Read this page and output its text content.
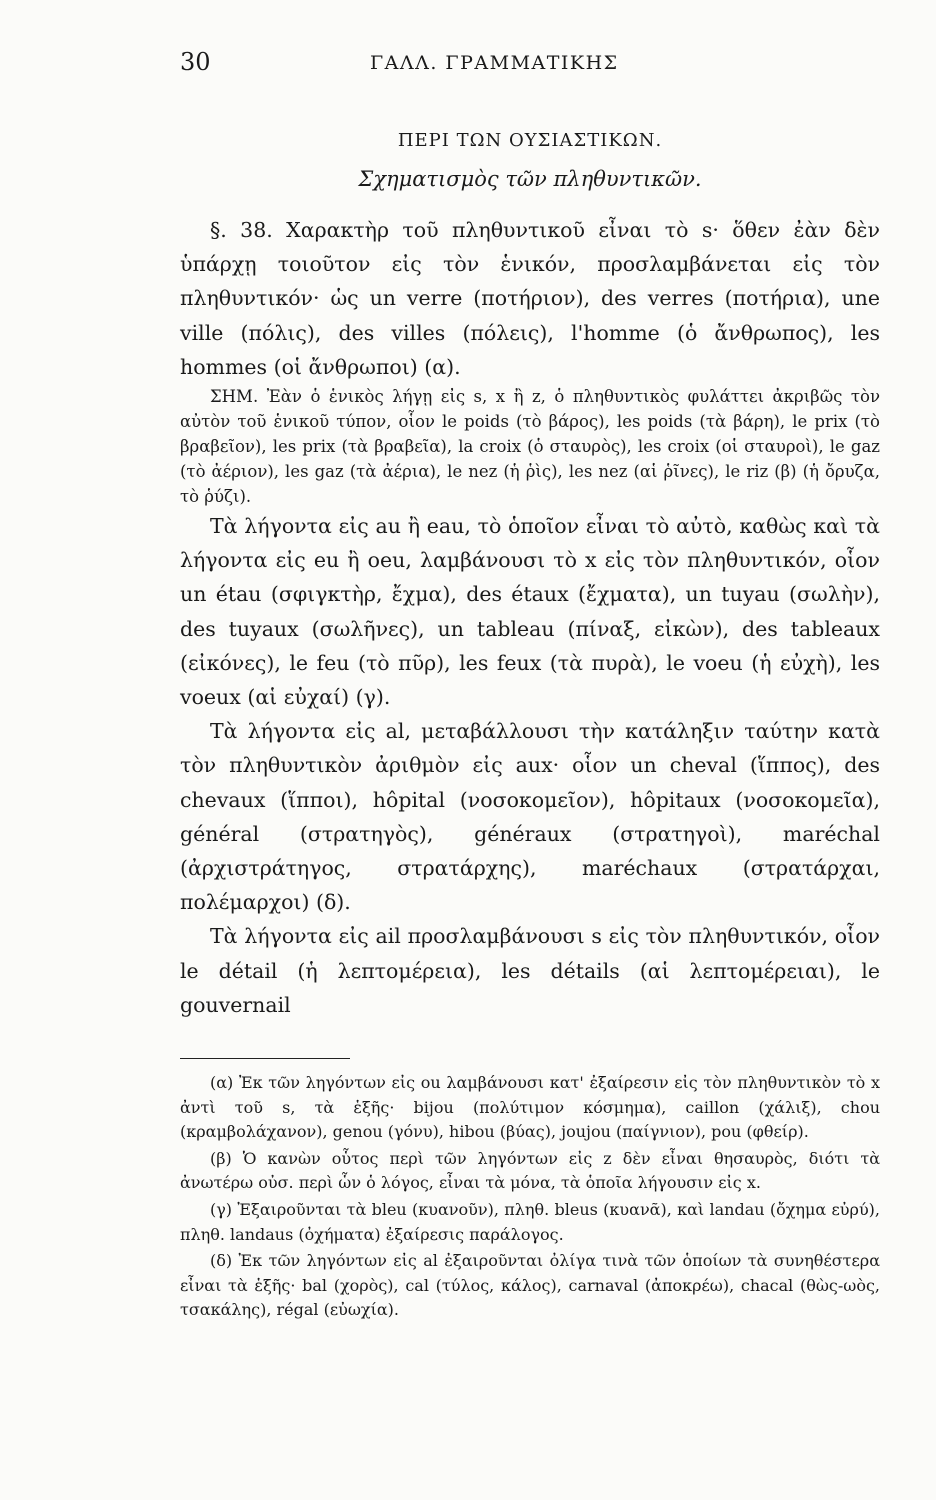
30	ΓΑΛΛ. ΓΡΑΜΜΑΤΙΚΗΣ
ΠΕΡΙ ΤΩΝ ΟΥΣΙΑΣΤΙΚΩΝ.
Σχηματισμὸς τῶν πληθυντικῶν.

§. 38. Χαρακτὴρ τοῦ πληθυντικοῦ εἶναι τὸ s· ὅθεν ἐὰν δὲν ὑπάρχῃ τοιοῦτον εἰς τὸν ἑνικόν, προσλαμβάνεται εἰς τὸν πληθυντικόν· ὡς un verre (ποτήριον), des verres (ποτήρια), une ville (πόλις), des villes (πόλεις), l'homme (ὁ ἄνθρωπος), les hommes (οἱ ἄνθρωποι) (α).

ΣΗΜ. Ἐὰν ὁ ἑνικὸς λήγῃ εἰς s, x ἢ z, ὁ πληθυντικὸς φυλάττει ἀκριβῶς τὸν αὐτὸν τοῦ ἑνικοῦ τύπον, οἷον le poids (τὸ βάρος), les poids (τὰ βάρη), le prix (τὸ βραβεῖον), les prix (τὰ βραβεῖα), la croix (ὁ σταυρὸς), les croix (οἱ σταυροὶ), le gaz (τὸ ἀέριον), les gaz (τὰ ἀέρια), le nez (ἡ ῥὶς), les nez (αἱ ῥῖνες), le riz (β) (ἡ ὄρυζα, τὸ ῥύζι).

Τὰ λήγοντα εἰς au ἢ eau, τὸ ὁποῖον εἶναι τὸ αὐτὸ, καθὼς καὶ τὰ λήγοντα εἰς eu ἢ oeu, λαμβάνουσι τὸ x εἰς τὸν πληθυντικόν, οἷον un étau (σφιγκτὴρ, ἔχμα), des étaux (ἔχματα), un tuyau (σωλὴν), des tuyaux (σωλῆνες), un tableau (πίναξ, εἰκὼν), des tableaux (εἰκόνες), le feu (τὸ πῦρ), les feux (τὰ πυρὰ), le voeu (ἡ εὐχὴ), les voeux (αἱ εὐχαί) (γ).

Τὰ λήγοντα εἰς al, μεταβάλλουσι τὴν κατάληξιν ταύτην κατὰ τὸν πληθυντικὸν ἀριθμὸν εἰς aux· οἷον un cheval (ἵππος), des chevaux (ἵπποι), hôpital (νοσοκομεῖον), hôpitaux (νοσοκομεῖα), général (στρατηγὸς), généraux (στρατηγοὶ), maréchal (ἀρχιστράτηγος, στρατάρχης), maréchaux (στρατάρχαι, πολέμαρχοι) (δ).

Τὰ λήγοντα εἰς ail προσλαμβάνουσι s εἰς τὸν πληθυντικόν, οἷον le détail (ἡ λεπτομέρεια), les détails (αἱ λεπτομέρειαι), le gouvernail

(α) Ἐκ τῶν ληγόντων εἰς ou λαμβάνουσι κατ' ἐξαίρεσιν εἰς τὸν πληθυντικὸν τὸ x ἀντὶ τοῦ s, τὰ ἑξῆς· bijou (πολύτιμον κόσμημα), caillon (χάλιξ), chou (κραμβολάχανον), genou (γόνυ), hibou (βύας), joujou (παίγνιον), pou (φθείρ).

(β) Ὁ κανὼν οὗτος περὶ τῶν ληγόντων εἰς z δὲν εἶναι θησαυρὸς, διότι τὰ ἀνωτέρω οὐσ. περὶ ὧν ὁ λόγος, εἶναι τὰ μόνα, τὰ ὁποῖα λήγουσιν εἰς x.

(γ) Ἐξαιροῦνται τὰ bleu (κυανοῦν), πληθ. bleus (κυανᾶ), καὶ landau (ὄχημα εὐρύ), πληθ. landaus (ὀχήματα) ἐξαίρεσις παράλογος.

(δ) Ἐκ τῶν ληγόντων εἰς al ἐξαιροῦνται ὀλίγα τινὰ τῶν ὁποίων τὰ συνηθέστερα εἶναι τὰ ἑξῆς· bal (χορὸς), cal (τύλος, κάλος), carnaval (ἀποκρέω), chacal (θὼς-ωὸς, τσακάλης), régal (εὐωχία).
